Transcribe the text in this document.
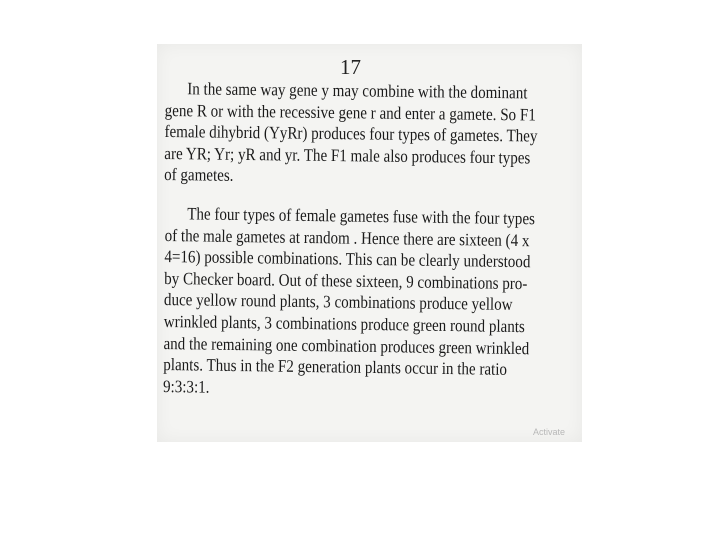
17
In the same way gene y may combine with the dominant
gene R or with the recessive gene r and enter a gamete. So F1
female dihybrid (YyRr) produces four types of gametes. They
are YR; Yr; yR and yr. The F1 male also produces four types
of gametes.
The four types of female gametes fuse with the four types
of the male gametes at random . Hence there are sixteen (4 x
4=16) possible combinations. This can be clearly understood
by Checker board. Out of these sixteen, 9 combinations pro-
duce yellow round plants, 3 combinations produce yellow
wrinkled plants, 3 combinations produce green round plants
and the remaining one combination produces green wrinkled
plants. Thus in the F2 generation plants occur in the ratio
9:3:3:1.
Activate
